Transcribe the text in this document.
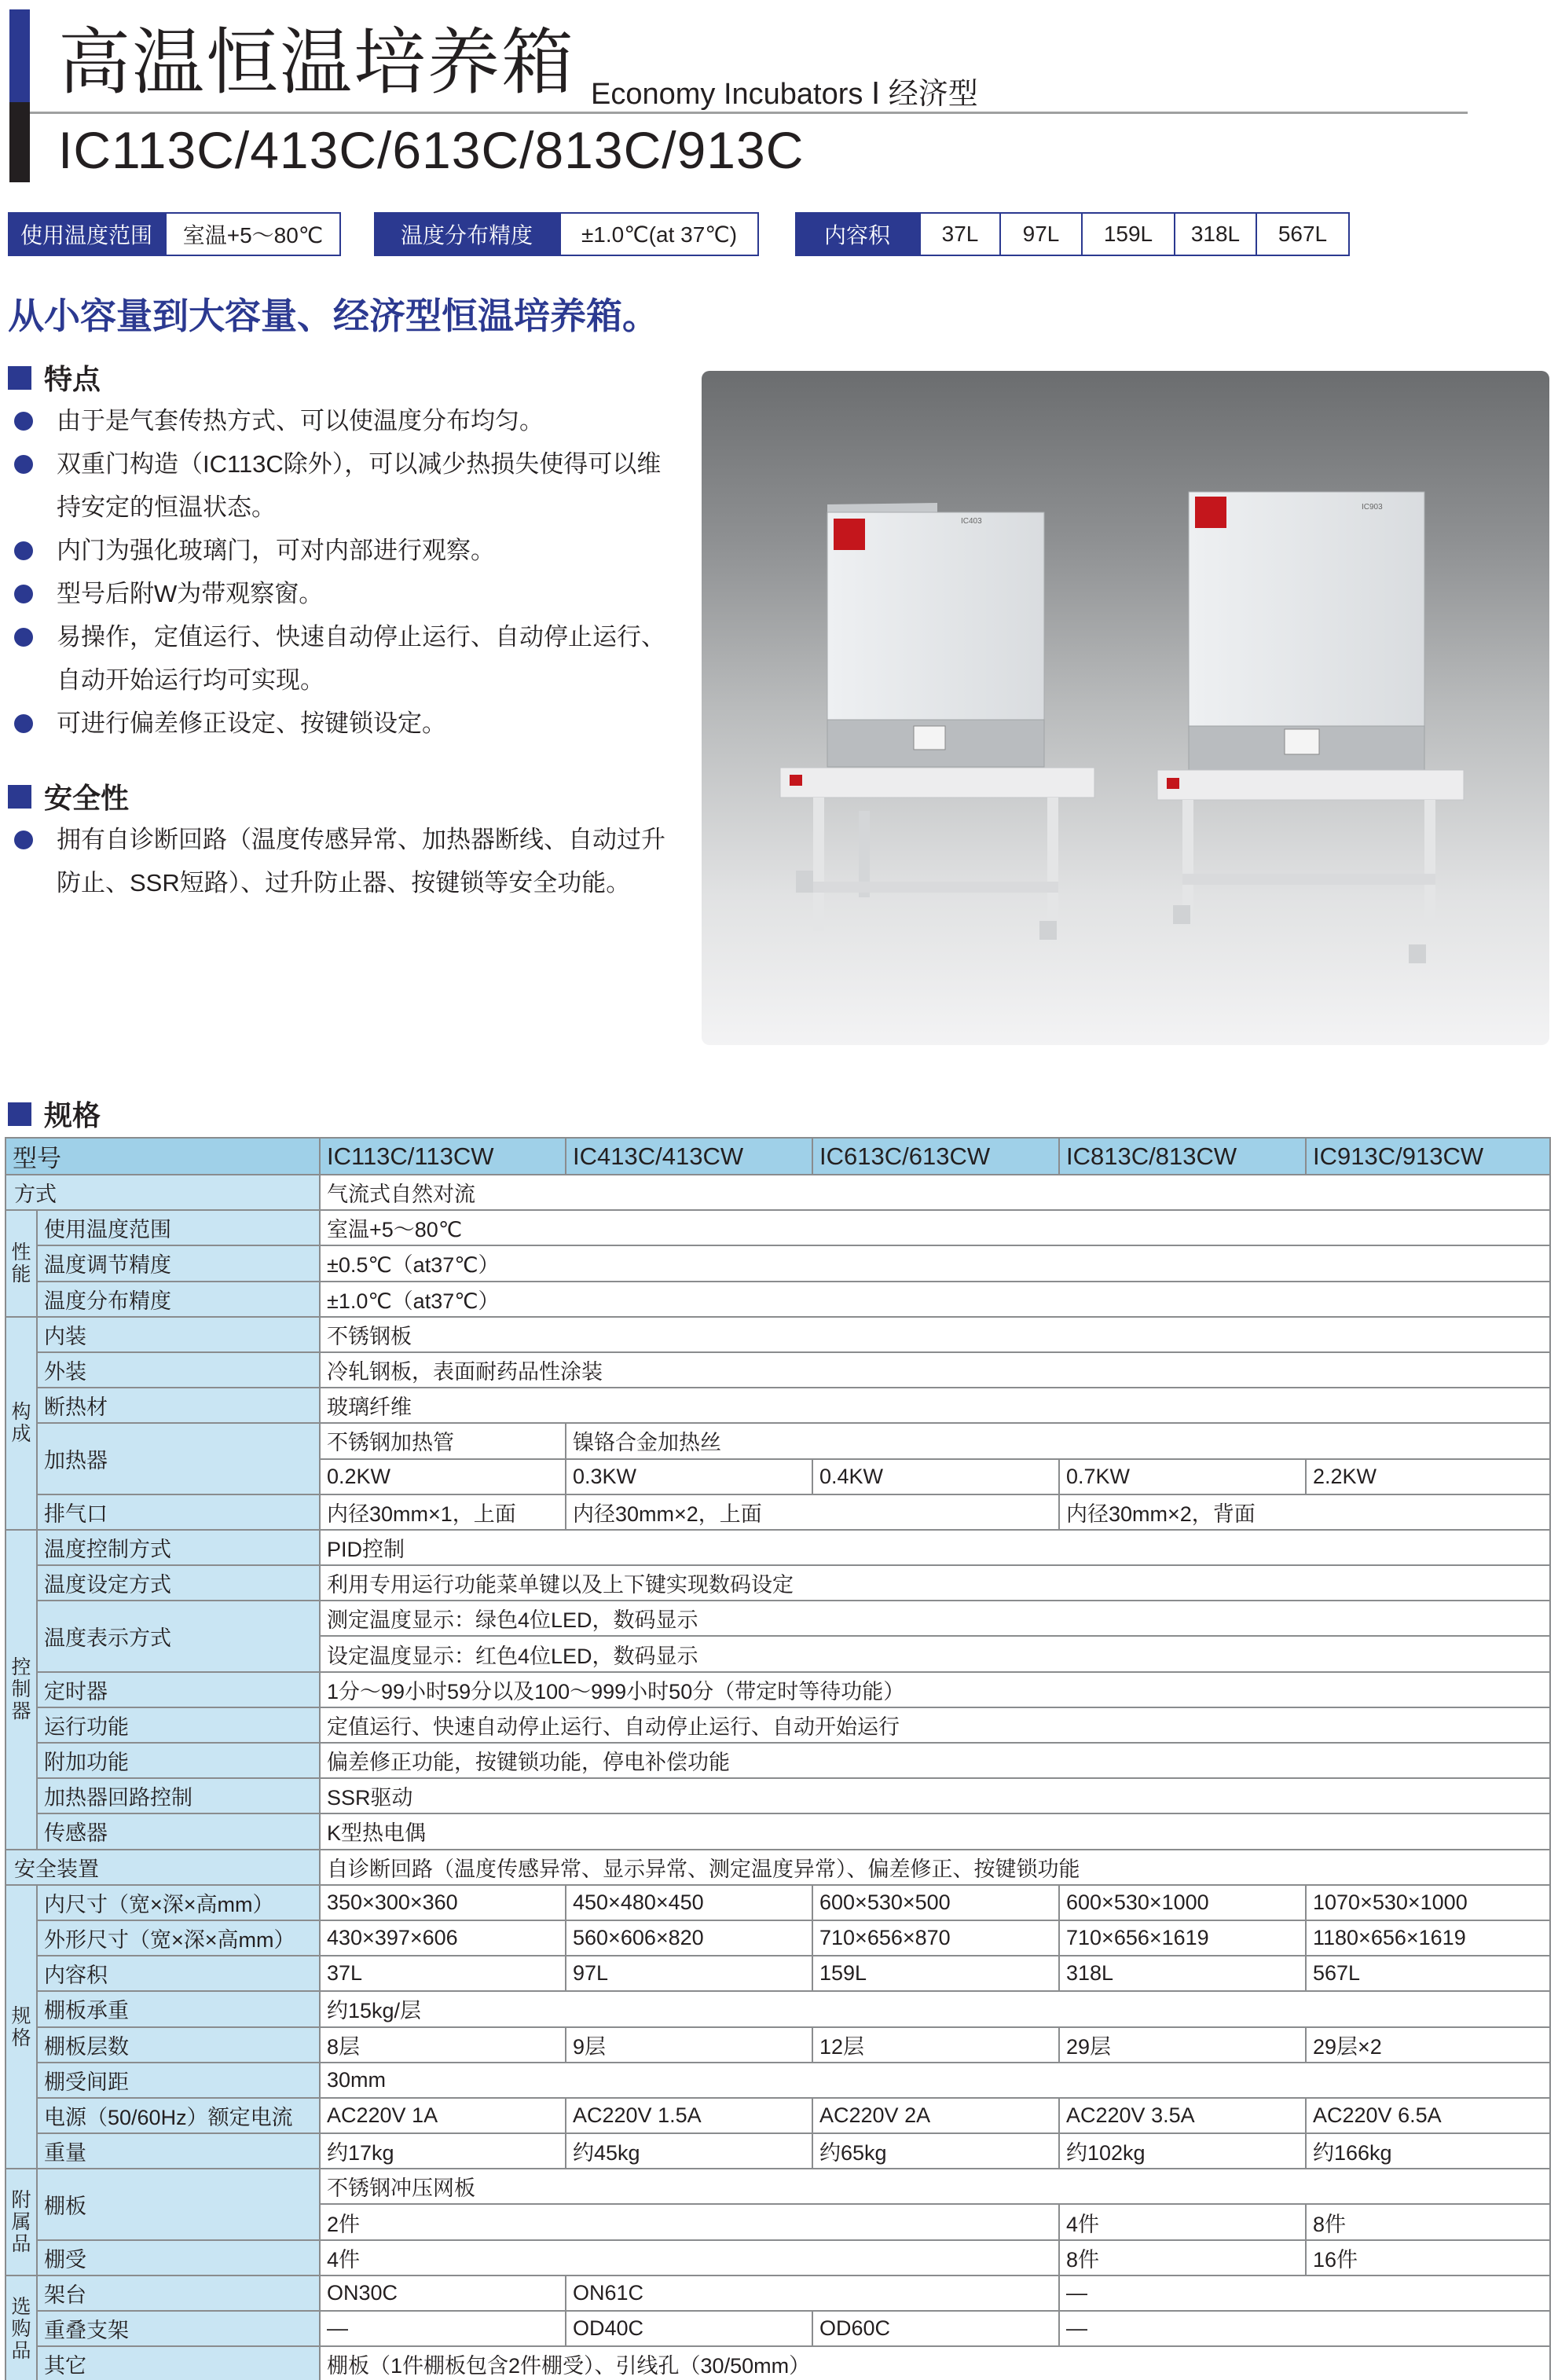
高温恒温培养箱 Economy Incubators Ⅰ 经济型
IC113C/413C/613C/813C/913C
使用温度范围	室温+5～80℃	温度分布精度	±1.0℃(at 37℃)	内容积	37L	97L	159L	318L	567L
从小容量到大容量、经济型恒温培养箱。
特点
由于是气套传热方式、可以使温度分布均匀。
双重门构造（IC113C除外），可以减少热损失使得可以维持安定的恒温状态。
内门为强化玻璃门，可对内部进行观察。
型号后附W为带观察窗。
易操作，定值运行、快速自动停止运行、自动停止运行、自动开始运行均可实现。
可进行偏差修正设定、按键锁设定。
安全性
拥有自诊断回路（温度传感异常、加热器断线、自动过升防止、SSR短路）、过升防止器、按键锁等安全功能。
IC403
IC903
规格
型号		IC113C/113CW	IC413C/413CW	IC613C/613CW	IC813C/813CW	IC913C/913CW
方式		气流式自然对流				
性能	使用温度范围	室温+5～80℃				
	温度调节精度	±0.5℃（at37℃）				
	温度分布精度	±1.0℃（at37℃）				
构成	内装	不锈钢板				
	外装	冷轧钢板，表面耐药品性涂装				
	断热材	玻璃纤维				
	加热器	不锈钢加热管	镍铬合金加热丝			
		0.2KW	0.3KW	0.4KW	0.7KW	2.2KW
	排气口	内径30mm×1，上面	内径30mm×2，上面		内径30mm×2，背面	
控制器	温度控制方式	PID控制				
	温度设定方式	利用专用运行功能菜单键以及上下键实现数码设定				
	温度表示方式	测定温度显示：绿色4位LED，数码显示				
		设定温度显示：红色4位LED，数码显示				
	定时器	1分～99小时59分以及100～999小时50分（带定时等待功能）				
	运行功能	定值运行、快速自动停止运行、自动停止运行、自动开始运行				
	附加功能	偏差修正功能，按键锁功能，停电补偿功能				
	加热器回路控制	SSR驱动				
	传感器	K型热电偶				
安全装置		自诊断回路（温度传感异常、显示异常、测定温度异常）、偏差修正、按键锁功能				
规格	内尺寸（宽×深×高mm）	350×300×360	450×480×450	600×530×500	600×530×1000	1070×530×1000
	外形尺寸（宽×深×高mm）	430×397×606	560×606×820	710×656×870	710×656×1619	1180×656×1619
	内容积	37L	97L	159L	318L	567L
	棚板承重	约15kg/层				
	棚板层数	8层	9层	12层	29层	29层×2
	棚受间距	30mm				
	电源（50/60Hz）额定电流	AC220V 1A	AC220V 1.5A	AC220V 2A	AC220V 3.5A	AC220V 6.5A
	重量	约17kg	约45kg	约65kg	约102kg	约166kg
附属品	棚板	不锈钢冲压网板				
		2件			4件	8件
	棚受	4件			8件	16件
选购品	架台	ON30C	ON61C		—	
	重叠支架	—	OD40C	OD60C	—	
	其它	棚板（1件棚板包含2件棚受）、引线孔（30/50mm）				
